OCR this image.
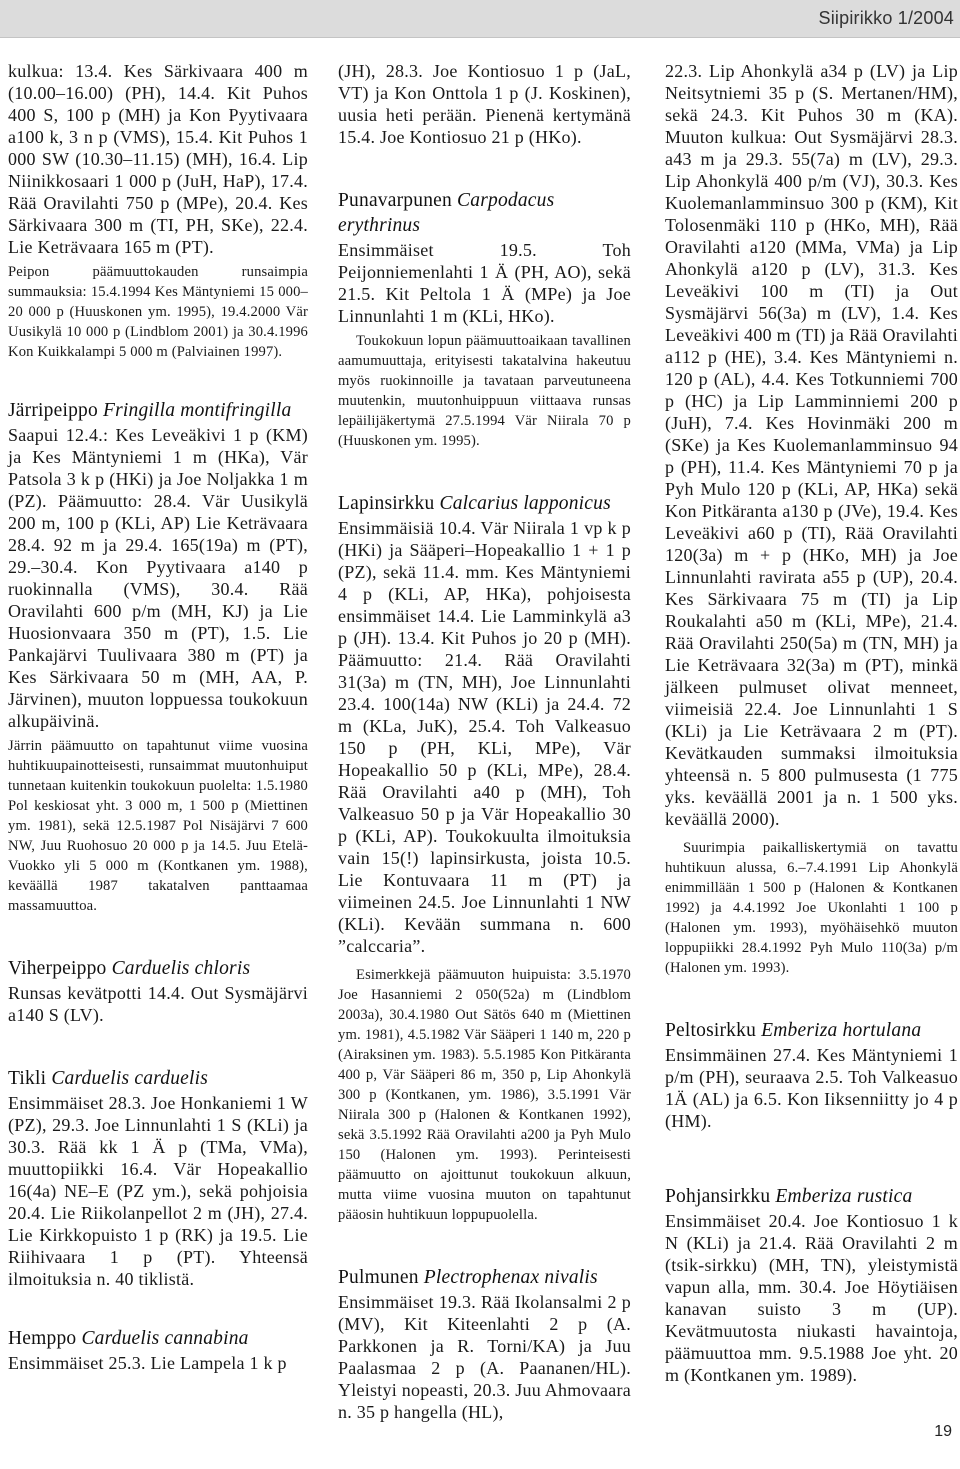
Siipirikko 1/2004

kulkua: 13.4. Kes Särkivaara 400 m (10.00–16.00) (PH), 14.4. Kit Puhos 400 S, 100 p (MH) ja Kon Pyytivaara a100 k, 3 n p (VMS), 15.4. Kit Puhos 1 000 SW (10.30–11.15) (MH), 16.4. Lip Niinikkosaari 1 000 p (JuH, HaP), 17.4. Rää Oravilahti 750 p (MPe), 20.4. Kes Särkivaara 300 m (TI, PH, SKe), 22.4. Lie Keträvaara 165 m (PT).

Peipon päämuuttokauden runsaimpia summauksia: 15.4.1994 Kes Mäntyniemi 15 000–20 000 p (Huuskonen ym. 1995), 19.4.2000 Vär Uusikylä 10 000 p (Lindblom 2001) ja 30.4.1996 Kon Kuikkalampi 5 000 m (Palviainen 1997).

Järripeippo Fringilla montifringilla

Saapui 12.4.: Kes Leveäkivi 1 p (KM) ja Kes Mäntyniemi 1 m (HKa), Vär Patsola 3 k p (HKi) ja Joe Noljakka 1 m (PZ). Päämuutto: 28.4. Vär Uusikylä 200 m, 100 p (KLi, AP) Lie Keträvaara 28.4. 92 m ja 29.4. 165(19a) m (PT), 29.–30.4. Kon Pyytivaara a140 p ruokinnalla (VMS), 30.4. Rää Oravilahti 600 p/m (MH, KJ) ja Lie Huosionvaara 350 m (PT), 1.5. Lie Pankajärvi Tuulivaara 380 m (PT) ja Kes Särkivaara 50 m (MH, AA, P. Järvinen), muuton loppuessa toukokuun alkupäivinä.

Järrin päämuutto on tapahtunut viime vuosina huhtikuupainotteisesti, runsaimmat muutonhuiput tunnetaan kuitenkin toukokuun puolelta: 1.5.1980 Pol keskiosat yht. 3 000 m, 1 500 p (Miettinen ym. 1981), sekä 12.5.1987 Pol Nisäjärvi 7 600 NW, Juu Ruohosuo 20 000 p ja 14.5. Juu Etelä-Vuokko yli 5 000 m (Kontkanen ym. 1988), keväällä 1987 takatalven panttaamaa massamuuttoa.

Viherpeippo Carduelis chloris

Runsas kevätpotti 14.4. Out Sysmäjärvi a140 S (LV).

Tikli Carduelis carduelis

Ensimmäiset 28.3. Joe Honkaniemi 1 W (PZ), 29.3. Joe Linnunlahti 1 S (KLi) ja 30.3. Rää kk 1 Ä p (TMa, VMa), muuttopiikki 16.4. Vär Hopeakallio 16(4a) NE–E (PZ ym.), sekä pohjoisia 20.4. Lie Riikolanpellot 2 m (JH), 27.4. Lie Kirkkopuisto 1 p (RK) ja 19.5. Lie Riihivaara 1 p (PT). Yhteensä ilmoituksia n. 40 tiklistä.

Hemppo Carduelis cannabina

Ensimmäiset 25.3. Lie Lampela 1 k p

(JH), 28.3. Joe Kontiosuo 1 p (JaL, VT) ja Kon Onttola 1 p (J. Koskinen), uusia heti perään. Pienenä kertymänä 15.4. Joe Kontiosuo 21 p (HKo).

Punavarpunen Carpodacus erythrinus

Ensimmäiset 19.5. Toh Peijonniemenlahti 1 Ä (PH, AO), sekä 21.5. Kit Peltola 1 Ä (MPe) ja Joe Linnunlahti 1 m (KLi, HKo).

Toukokuun lopun päämuuttoaikaan tavallinen aamumuuttaja, erityisesti takatalvina hakeutuu myös ruokinnoille ja tavataan parveutuneena muutenkin, muutonhuippuun viittaava runsas lepäilijäkertymä 27.5.1994 Vär Niirala 70 p (Huuskonen ym. 1995).

Lapinsirkku Calcarius lapponicus

Ensimmäisiä 10.4. Vär Niirala 1 vp k p (HKi) ja Sääperi–Hopeakallio 1 + 1 p (PZ), sekä 11.4. mm. Kes Mäntyniemi 4 p (KLi, AP, HKa), pohjoisesta ensimmäiset 14.4. Lie Lamminkylä a3 p (JH). 13.4. Kit Puhos jo 20 p (MH). Päämuutto: 21.4. Rää Oravilahti 31(3a) m (TN, MH), Joe Linnunlahti 23.4. 100(14a) NW (KLi) ja 24.4. 72 m (KLa, JuK), 25.4. Toh Valkeasuo 150 p (PH, KLi, MPe), Vär Hopeakallio 50 p (KLi, MPe), 28.4. Rää Oravilahti a40 p (MH), Toh Valkeasuo 50 p ja Vär Hopeakallio 30 p (KLi, AP). Toukokuulta ilmoituksia vain 15(!) lapinsirkusta, joista 10.5. Lie Kontuvaara 11 m (PT) ja viimeinen 24.5. Joe Linnunlahti 1 NW (KLi). Kevään summana n. 600 ”calccaria”.

Esimerkkejä päämuuton huipuista: 3.5.1970 Joe Hasanniemi 2 050(52a) m (Lindblom 2003a), 30.4.1980 Out Sätös 640 m (Miettinen ym. 1981), 4.5.1982 Vär Sääperi 1 140 m, 220 p (Airaksinen ym. 1983). 5.5.1985 Kon Pitkäranta 400 p, Vär Sääperi 86 m, 350 p, Lip Ahonkylä 300 p (Kontkanen, ym. 1986), 3.5.1991 Vär Niirala 300 p (Halonen & Kontkanen 1992), sekä 3.5.1992 Rää Oravilahti a200 ja Pyh Mulo 150 (Halonen ym. 1993). Perinteisesti päämuutto on ajoittunut toukokuun alkuun, mutta viime vuosina muuton on tapahtunut pääosin huhtikuun loppupuolella.

Pulmunen Plectrophenax nivalis

Ensimmäiset 19.3. Rää Ikolansalmi 2 p (MV), Kit Kiteenlahti 2 p (A. Parkkonen ja R. Torni/KA) ja Juu Paalasmaa 2 p (A. Paananen/HL). Yleistyi nopeasti, 20.3. Juu Ahmovaara n. 35 p hangella (HL),

22.3. Lip Ahonkylä a34 p (LV) ja Lip Neitsytniemi 35 p (S. Mertanen/HM), sekä 24.3. Kit Puhos 30 m (KA). Muuton kulkua: Out Sysmäjärvi 28.3. a43 m ja 29.3. 55(7a) m (LV), 29.3. Lip Ahonkylä 400 p/m (VJ), 30.3. Kes Kuolemanlamminsuo 300 p (KM), Kit Tolosenmäki 110 p (HKo, MH), Rää Oravilahti a120 (MMa, VMa) ja Lip Ahonkylä a120 p (LV), 31.3. Kes Leveäkivi 100 m (TI) ja Out Sysmäjärvi 56(3a) m (LV), 1.4. Kes Leveäkivi 400 m (TI) ja Rää Oravilahti a112 p (HE), 3.4. Kes Mäntyniemi n. 120 p (AL), 4.4. Kes Totkunniemi 700 p (HC) ja Lip Lamminniemi 200 p (JuH), 7.4. Kes Hovinmäki 200 m (SKe) ja Kes Kuolemanlamminsuo 94 p (PH), 11.4. Kes Mäntyniemi 70 p ja Pyh Mulo 120 p (KLi, AP, HKa) sekä Kon Pitkäranta a130 p (JVe), 19.4. Kes Leveäkivi a60 p (TI), Rää Oravilahti 120(3a) m + p (HKo, MH) ja Joe Linnunlahti ravirata a55 p (UP), 20.4. Kes Särkivaara 75 m (TI) ja Lip Roukalahti a50 m (KLi, MPe), 21.4. Rää Oravilahti 250(5a) m (TN, MH) ja Lie Keträvaara 32(3a) m (PT), minkä jälkeen pulmuset olivat menneet, viimeisiä 22.4. Joe Linnunlahti 1 S (KLi) ja Lie Keträvaara 2 m (PT). Kevätkauden summaksi ilmoituksia yhteensä n. 5 800 pulmusesta (1 775 yks. keväällä 2001 ja n. 1 500 yks. keväällä 2000).

Suurimpia paikalliskertymiä on tavattu huhtikuun alussa, 6.–7.4.1991 Lip Ahonkylä enimmillään 1 500 p (Halonen & Kontkanen 1992) ja 4.4.1992 Joe Ukonlahti 1 100 p (Halonen ym. 1993), myöhäisehkö muuton loppupiikki 28.4.1992 Pyh Mulo 110(3a) p/m (Halonen ym. 1993).

Peltosirkku Emberiza hortulana

Ensimmäinen 27.4. Kes Mäntyniemi 1 p/m (PH), seuraava 2.5. Toh Valkeasuo 1Ä (AL) ja 6.5. Kon Iiksenniitty jo 4 p (HM).

Pohjansirkku Emberiza rustica

Ensimmäiset 20.4. Joe Kontiosuo 1 k N (KLi) ja 21.4. Rää Oravilahti 2 m (tsik-sirkku) (MH, TN), yleistymistä vapun alla, mm. 30.4. Joe Höytiäisen kanavan suisto 3 m (UP). Kevätmuutosta niukasti havaintoja, päämuuttoa mm. 9.5.1988 Joe yht. 20 m (Kontkanen ym. 1989).

19
